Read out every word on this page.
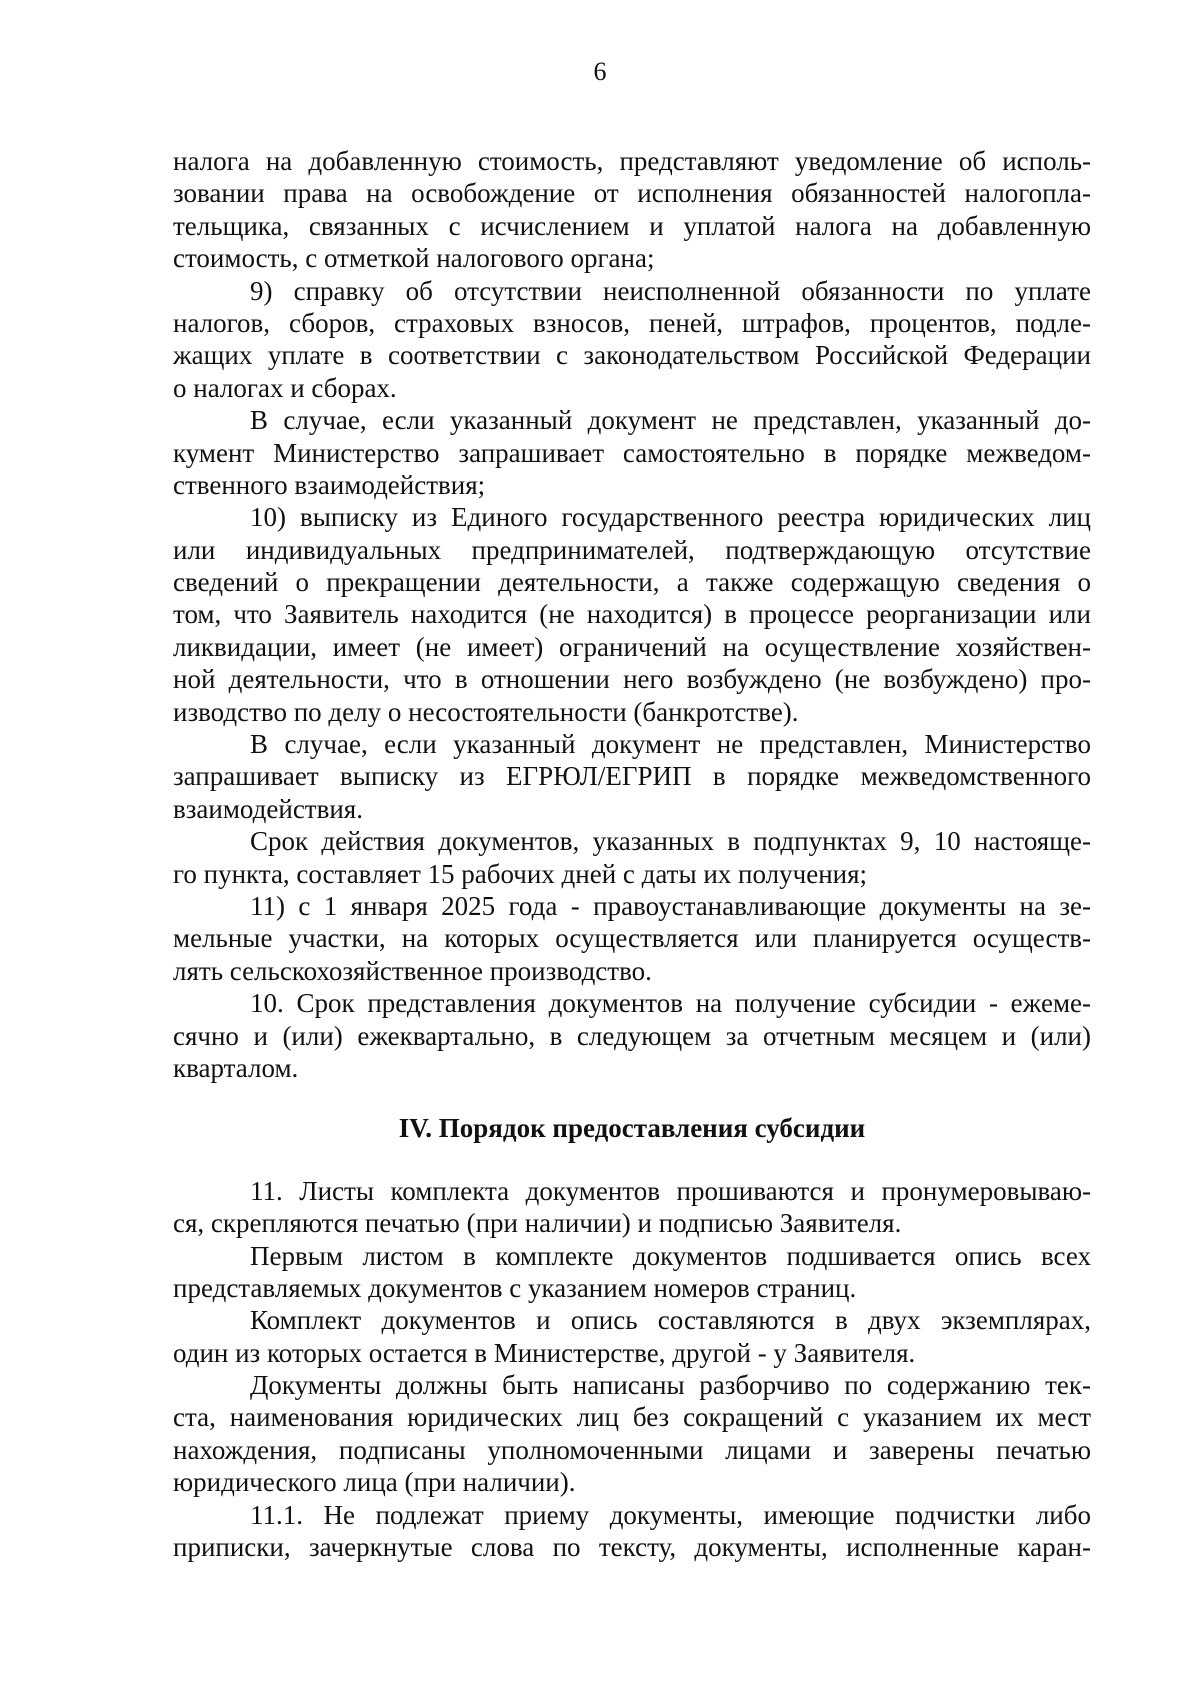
6
налога на добавленную стоимость, представляют уведомление об исполь-
зовании права на освобождение от исполнения обязанностей налогопла-
тельщика, связанных с исчислением и уплатой налога на добавленную
стоимость, с отметкой налогового органа;
9) справку об отсутствии неисполненной обязанности по уплате
налогов, сборов, страховых взносов, пеней, штрафов, процентов, подле-
жащих уплате в соответствии с законодательством Российской Федерации
о налогах и сборах.
В случае, если указанный документ не представлен, указанный до-
кумент Министерство запрашивает самостоятельно в порядке межведом-
ственного взаимодействия;
10) выписку из Единого государственного реестра юридических лиц
или индивидуальных предпринимателей, подтверждающую отсутствие
сведений о прекращении деятельности, а также содержащую сведения о
том, что Заявитель находится (не находится) в процессе реорганизации или
ликвидации, имеет (не имеет) ограничений на осуществление хозяйствен-
ной деятельности, что в отношении него возбуждено (не возбуждено) про-
изводство по делу о несостоятельности (банкротстве).
В случае, если указанный документ не представлен, Министерство
запрашивает выписку из ЕГРЮЛ/ЕГРИП в порядке межведомственного
взаимодействия.
Срок действия документов, указанных в подпунктах 9, 10 настояще-
го пункта, составляет 15 рабочих дней с даты их получения;
11) с 1 января 2025 года - правоустанавливающие документы на зе-
мельные участки, на которых осуществляется или планируется осуществ-
лять сельскохозяйственное производство.
10. Срок представления документов на получение субсидии - ежеме-
сячно и (или) ежеквартально, в следующем за отчетным месяцем и (или)
кварталом.
IV. Порядок предоставления субсидии
11. Листы комплекта документов прошиваются и пронумеровываю-
ся, скрепляются печатью (при наличии) и подписью Заявителя.
Первым листом в комплекте документов подшивается опись всех
представляемых документов с указанием номеров страниц.
Комплект документов и опись составляются в двух экземплярах,
один из которых остается в Министерстве, другой - у Заявителя.
Документы должны быть написаны разборчиво по содержанию тек-
ста, наименования юридических лиц без сокращений с указанием их мест
нахождения, подписаны уполномоченными лицами и заверены печатью
юридического лица (при наличии).
11.1. Не подлежат приему документы, имеющие подчистки либо
приписки, зачеркнутые слова по тексту, документы, исполненные каран-
